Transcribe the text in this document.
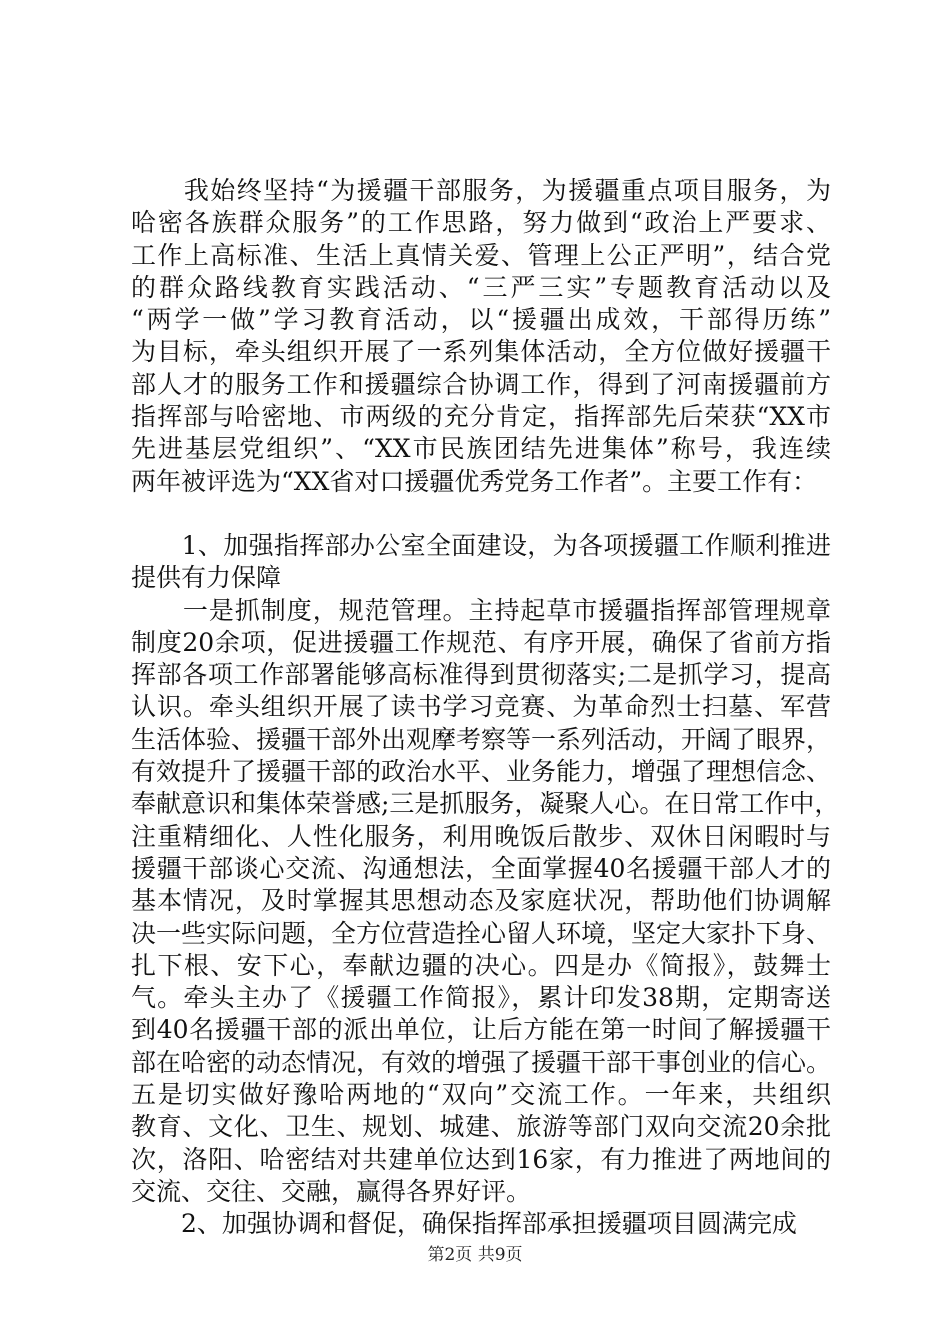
　　我始终坚持“为援疆干部服务，为援疆重点项目服务，为
哈密各族群众服务”的工作思路，努力做到“政治上严要求、
工作上高标准、生活上真情关爱、管理上公正严明”，结合党
的群众路线教育实践活动、“三严三实”专题教育活动以及
“两学一做”学习教育活动，以“援疆出成效，干部得历练”
为目标，牵头组织开展了一系列集体活动，全方位做好援疆干
部人才的服务工作和援疆综合协调工作，得到了河南援疆前方
指挥部与哈密地、市两级的充分肯定，指挥部先后荣获“XX市
先进基层党组织”、“XX市民族团结先进集体”称号，我连续
两年被评选为“XX省对口援疆优秀党务工作者”。主要工作有：
　　1、加强指挥部办公室全面建设，为各项援疆工作顺利推进
提供有力保障
　　一是抓制度，规范管理。主持起草市援疆指挥部管理规章
制度20余项，促进援疆工作规范、有序开展，确保了省前方指
挥部各项工作部署能够高标准得到贯彻落实;二是抓学习，提高
认识。牵头组织开展了读书学习竞赛、为革命烈士扫墓、军营
生活体验、援疆干部外出观摩考察等一系列活动，开阔了眼界，
有效提升了援疆干部的政治水平、业务能力，增强了理想信念、
奉献意识和集体荣誉感;三是抓服务，凝聚人心。在日常工作中，
注重精细化、人性化服务，利用晚饭后散步、双休日闲暇时与
援疆干部谈心交流、沟通想法，全面掌握40名援疆干部人才的
基本情况，及时掌握其思想动态及家庭状况，帮助他们协调解
决一些实际问题，全方位营造拴心留人环境，坚定大家扑下身、
扎下根、安下心，奉献边疆的决心。四是办《简报》，鼓舞士
气。牵头主办了《援疆工作简报》，累计印发38期，定期寄送
到40名援疆干部的派出单位，让后方能在第一时间了解援疆干
部在哈密的动态情况，有效的增强了援疆干部干事创业的信心。
五是切实做好豫哈两地的“双向”交流工作。一年来，共组织
教育、文化、卫生、规划、城建、旅游等部门双向交流20余批
次，洛阳、哈密结对共建单位达到16家，有力推进了两地间的
交流、交往、交融，赢得各界好评。
　　2、加强协调和督促，确保指挥部承担援疆项目圆满完成
第2页 共9页
